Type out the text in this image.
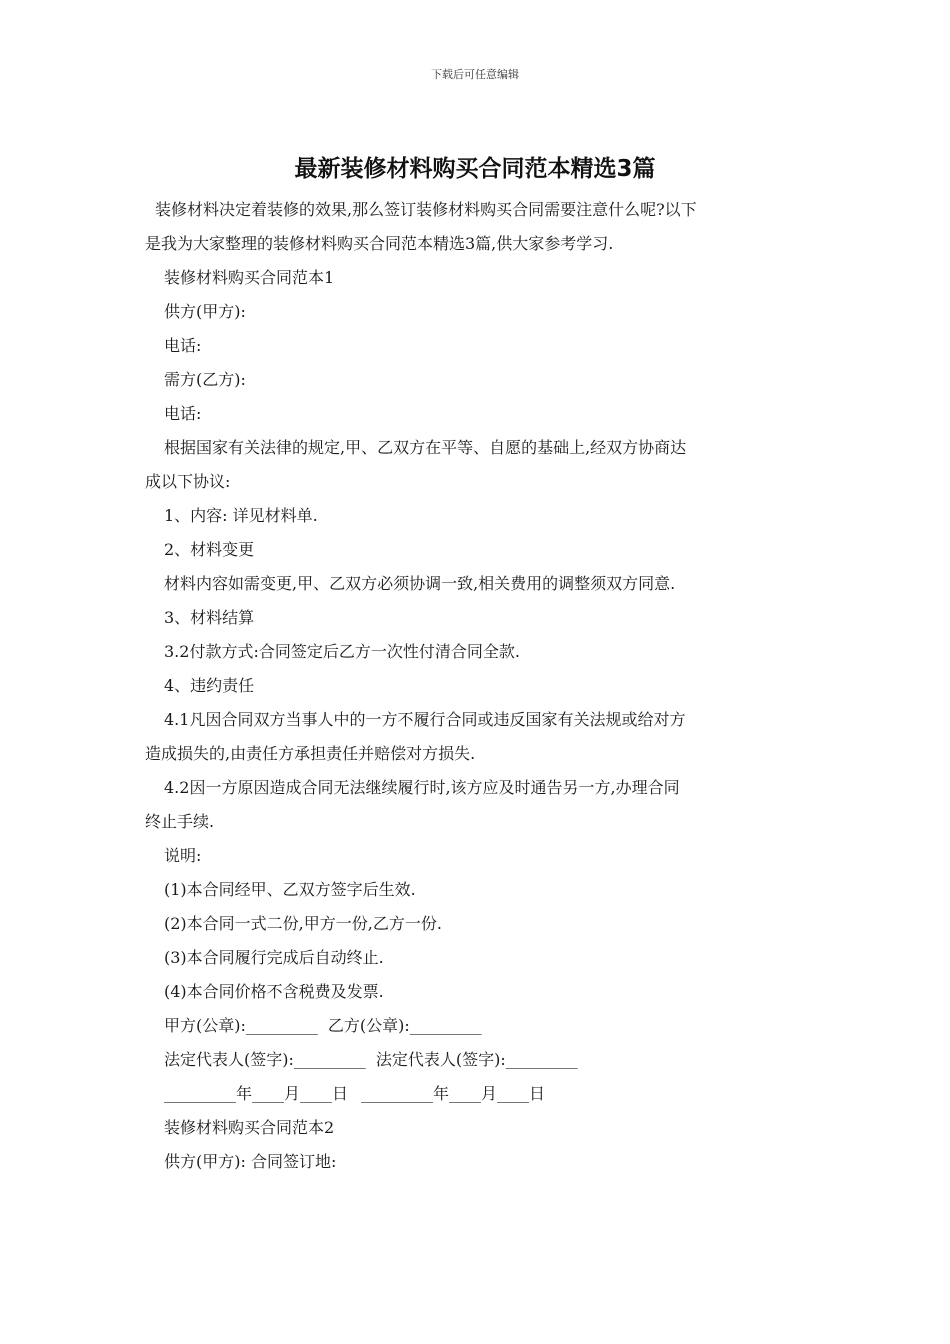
下载后可任意编辑
最新装修材料购买合同范本精选3篇
装修材料决定着装修的效果,那么签订装修材料购买合同需要注意什么呢?以下
是我为大家整理的装修材料购买合同范本精选3篇,供大家参考学习.
装修材料购买合同范本1
供方(甲方):
电话:
需方(乙方):
电话:
根据国家有关法律的规定,甲、乙双方在平等、自愿的基础上,经双方协商达
成以下协议:
1、内容: 详见材料单.
2、材料变更
材料内容如需变更,甲、乙双方必须协调一致,相关费用的调整须双方同意.
3、材料结算
3.2付款方式:合同签定后乙方一次性付清合同全款.
4、违约责任
4.1凡因合同双方当事人中的一方不履行合同或违反国家有关法规或给对方
造成损失的,由责任方承担责任并赔偿对方损失.
4.2因一方原因造成合同无法继续履行时,该方应及时通告另一方,办理合同
终止手续.
说明:
(1)本合同经甲、乙双方签字后生效.
(2)本合同一式二份,甲方一份,乙方一份.
(3)本合同履行完成后自动终止.
(4)本合同价格不含税费及发票.
甲方(公章):_________ 乙方(公章):_________
法定代表人(签字):_________ 法定代表人(签字):_________
_________年____月____日 _________年____月____日
装修材料购买合同范本2
供方(甲方): 合同签订地:
